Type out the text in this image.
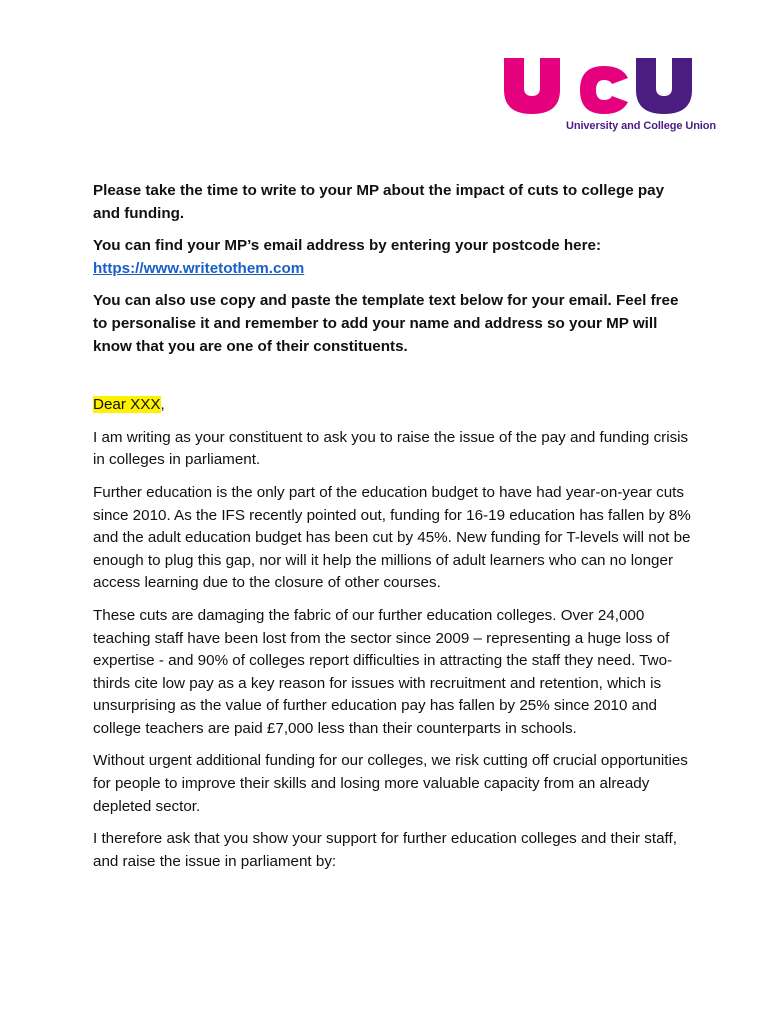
University and College Union

Please take the time to write to your MP about the impact of cuts to college pay and funding.

You can find your MP’s email address by entering your postcode here:
https://www.writetothem.com

You can also use copy and paste the template text below for your email. Feel free to personalise it and remember to add your name and address so your MP will know that you are one of their constituents.

Dear XXX,

I am writing as your constituent to ask you to raise the issue of the pay and funding crisis in colleges in parliament.

Further education is the only part of the education budget to have had year-on-year cuts since 2010. As the IFS recently pointed out, funding for 16-19 education has fallen by 8% and the adult education budget has been cut by 45%. New funding for T-levels will not be enough to plug this gap, nor will it help the millions of adult learners who can no longer access learning due to the closure of other courses.

These cuts are damaging the fabric of our further education colleges. Over 24,000 teaching staff have been lost from the sector since 2009 – representing a huge loss of expertise - and 90% of colleges report difficulties in attracting the staff they need. Two-thirds cite low pay as a key reason for issues with recruitment and retention, which is unsurprising as the value of further education pay has fallen by 25% since 2010 and college teachers are paid £7,000 less than their counterparts in schools.

Without urgent additional funding for our colleges, we risk cutting off crucial opportunities for people to improve their skills and losing more valuable capacity from an already depleted sector.

I therefore ask that you show your support for further education colleges and their staff, and raise the issue in parliament by:
